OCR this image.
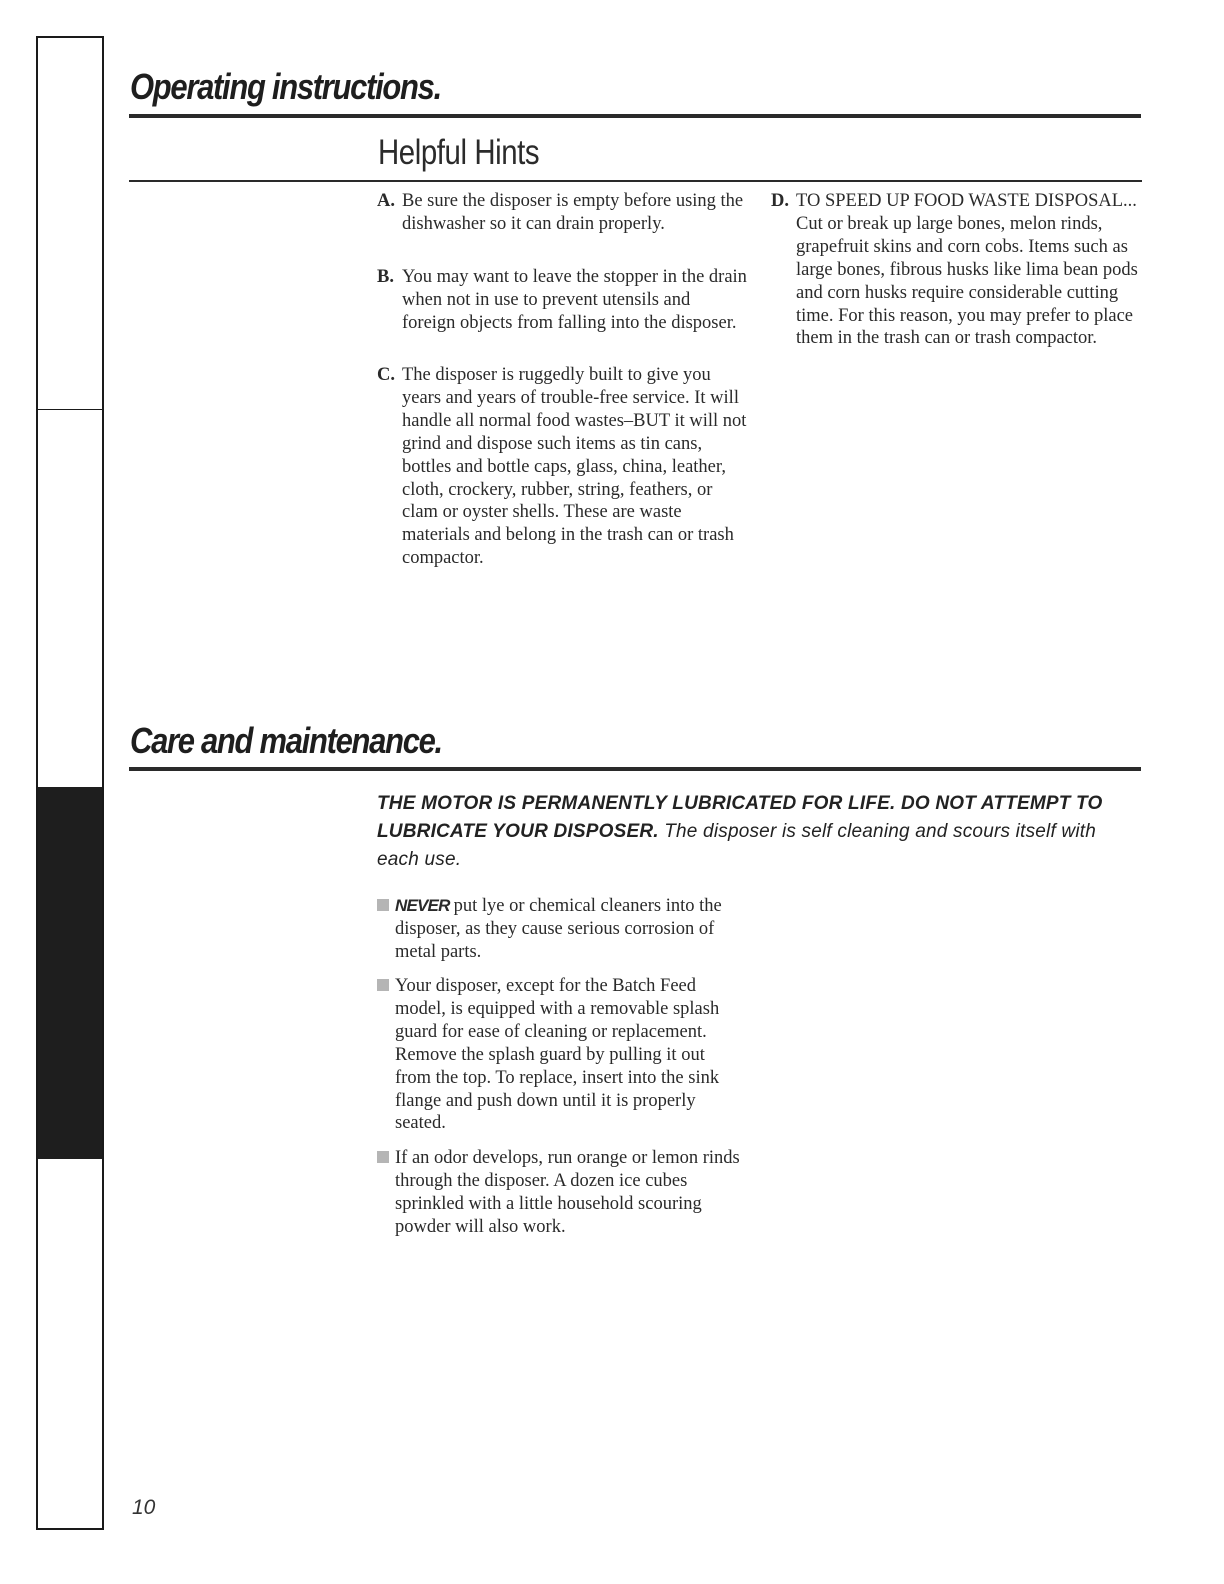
Operating instructions.
Helpful Hints

A. Be sure the disposer is empty before using the dishwasher so it can drain properly.

B. You may want to leave the stopper in the drain when not in use to prevent utensils and foreign objects from falling into the disposer.

C. The disposer is ruggedly built to give you years and years of trouble-free service. It will handle all normal food wastes–BUT it will not grind and dispose such items as tin cans, bottles and bottle caps, glass, china, leather, cloth, crockery, rubber, string, feathers, or clam or oyster shells. These are waste materials and belong in the trash can or trash compactor.

D. TO SPEED UP FOOD WASTE DISPOSAL... Cut or break up large bones, melon rinds, grapefruit skins and corn cobs. Items such as large bones, fibrous husks like lima bean pods and corn husks require considerable cutting time. For this reason, you may prefer to place them in the trash can or trash compactor.

Care and maintenance.

THE MOTOR IS PERMANENTLY LUBRICATED FOR LIFE. DO NOT ATTEMPT TO LUBRICATE YOUR DISPOSER. The disposer is self cleaning and scours itself with each use.

NEVER put lye or chemical cleaners into the disposer, as they cause serious corrosion of metal parts.

Your disposer, except for the Batch Feed model, is equipped with a removable splash guard for ease of cleaning or replacement. Remove the splash guard by pulling it out from the top. To replace, insert into the sink flange and push down until it is properly seated.

If an odor develops, run orange or lemon rinds through the disposer. A dozen ice cubes sprinkled with a little household scouring powder will also work.

10
